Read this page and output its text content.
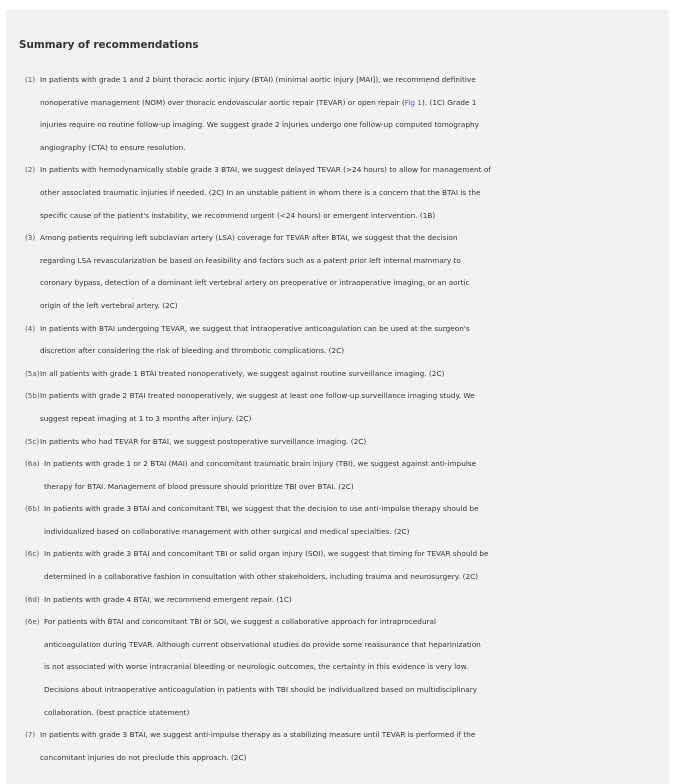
Summary of recommendations
(1) In patients with grade 1 and 2 blunt thoracic aortic injury (BTAI) (minimal aortic injury [MAI]), we recommend definitive
nonoperative management (NOM) over thoracic endovascular aortic repair (TEVAR) or open repair (Fig 1). (1C) Grade 1
injuries require no routine follow-up imaging. We suggest grade 2 injuries undergo one follow-up computed tomography
angiography (CTA) to ensure resolution.
(2) In patients with hemodynamically stable grade 3 BTAI, we suggest delayed TEVAR (>24 hours) to allow for management of
other associated traumatic injuries if needed. (2C) In an unstable patient in whom there is a concern that the BTAI is the
specific cause of the patient's instability, we recommend urgent (<24 hours) or emergent intervention. (1B)
(3) Among patients requiring left subclavian artery (LSA) coverage for TEVAR after BTAI, we suggest that the decision
regarding LSA revascularization be based on feasibility and factors such as a patent prior left internal mammary to
coronary bypass, detection of a dominant left vertebral artery on preoperative or intraoperative imaging, or an aortic
origin of the left vertebral artery. (2C)
(4) In patients with BTAI undergoing TEVAR, we suggest that intraoperative anticoagulation can be used at the surgeon's
discretion after considering the risk of bleeding and thrombotic complications. (2C)
(5a) In all patients with grade 1 BTAI treated nonoperatively, we suggest against routine surveillance imaging. (2C)
(5b) In patients with grade 2 BTAI treated nonoperatively, we suggest at least one follow-up surveillance imaging study. We
suggest repeat imaging at 1 to 3 months after injury. (2C)
(5c) In patients who had TEVAR for BTAI, we suggest postoperative surveillance imaging. (2C)
(6a) In patients with grade 1 or 2 BTAI (MAI) and concomitant traumatic brain injury (TBI), we suggest against anti-impulse
therapy for BTAI. Management of blood pressure should prioritize TBI over BTAI. (2C)
(6b) In patients with grade 3 BTAI and concomitant TBI, we suggest that the decision to use anti-impulse therapy should be
individualized based on collaborative management with other surgical and medical specialties. (2C)
(6c) In patients with grade 3 BTAI and concomitant TBI or solid organ injury (SOI), we suggest that timing for TEVAR should be
determined in a collaborative fashion in consultation with other stakeholders, including trauma and neurosurgery. (2C)
(6d) In patients with grade 4 BTAI, we recommend emergent repair. (1C)
(6e) For patients with BTAI and concomitant TBI or SOI, we suggest a collaborative approach for intraprocedural
anticoagulation during TEVAR. Although current observational studies do provide some reassurance that heparinization
is not associated with worse intracranial bleeding or neurologic outcomes, the certainty in this evidence is very low.
Decisions about intraoperative anticoagulation in patients with TBI should be individualized based on multidisciplinary
collaboration. (best practice statement)
(7) In patients with grade 3 BTAI, we suggest anti-impulse therapy as a stabilizing measure until TEVAR is performed if the
concomitant injuries do not preclude this approach. (2C)
